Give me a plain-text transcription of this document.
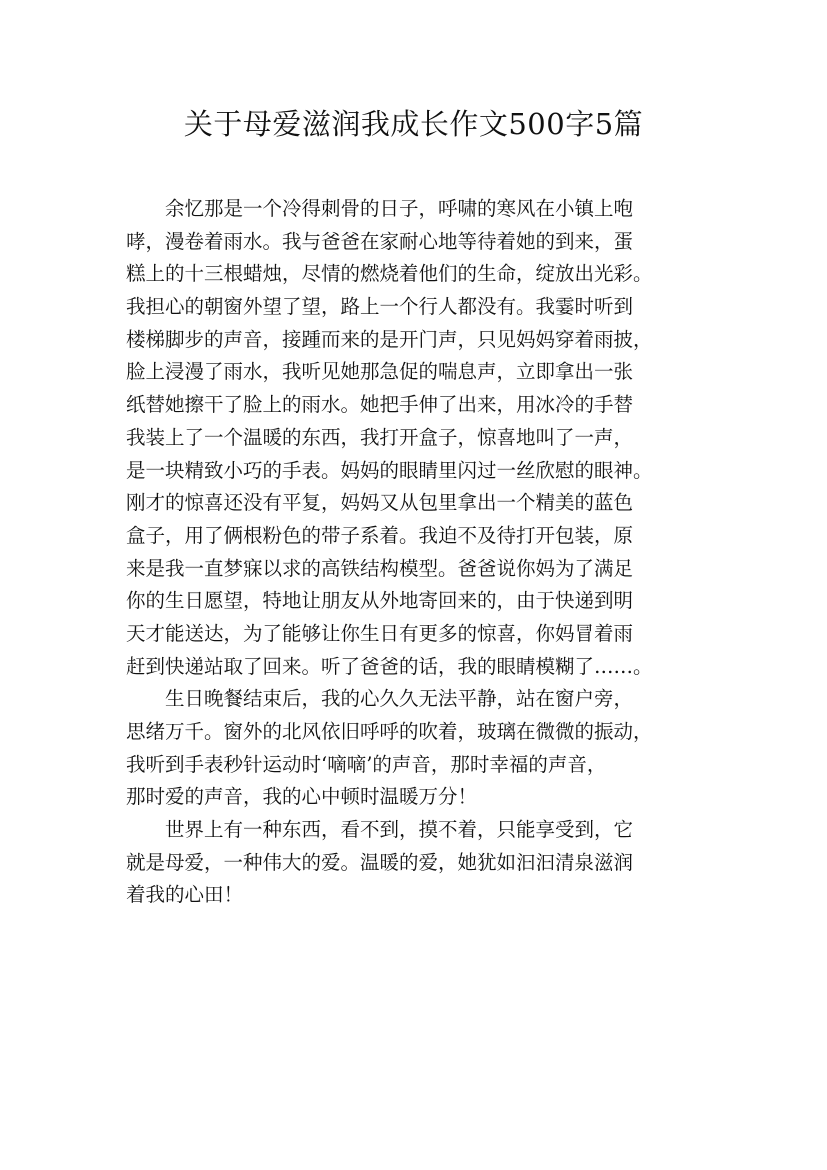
关于母爱滋润我成长作文500字5篇

余忆那是一个冷得刺骨的日子，呼啸的寒风在小镇上咆
哮，漫卷着雨水。我与爸爸在家耐心地等待着她的到来，蛋
糕上的十三根蜡烛，尽情的燃烧着他们的生命，绽放出光彩。
我担心的朝窗外望了望，路上一个行人都没有。我霎时听到
楼梯脚步的声音，接踵而来的是开门声，只见妈妈穿着雨披，
脸上浸漫了雨水，我听见她那急促的喘息声，立即拿出一张
纸替她擦干了脸上的雨水。她把手伸了出来，用冰冷的手替
我装上了一个温暖的东西，我打开盒子，惊喜地叫了一声，
是一块精致小巧的手表。妈妈的眼睛里闪过一丝欣慰的眼神。
刚才的惊喜还没有平复，妈妈又从包里拿出一个精美的蓝色
盒子，用了俩根粉色的带子系着。我迫不及待打开包装，原
来是我一直梦寐以求的高铁结构模型。爸爸说你妈为了满足
你的生日愿望，特地让朋友从外地寄回来的，由于快递到明
天才能送达，为了能够让你生日有更多的惊喜，你妈冒着雨
赶到快递站取了回来。听了爸爸的话，我的眼睛模糊了……。

生日晚餐结束后，我的心久久无法平静，站在窗户旁，
思绪万千。窗外的北风依旧呼呼的吹着，玻璃在微微的振动，
我听到手表秒针运动时‘嘀嘀’的声音，那时幸福的声音，
那时爱的声音，我的心中顿时温暖万分！

世界上有一种东西，看不到，摸不着，只能享受到，它
就是母爱，一种伟大的爱。温暖的爱，她犹如汩汩清泉滋润
着我的心田！
